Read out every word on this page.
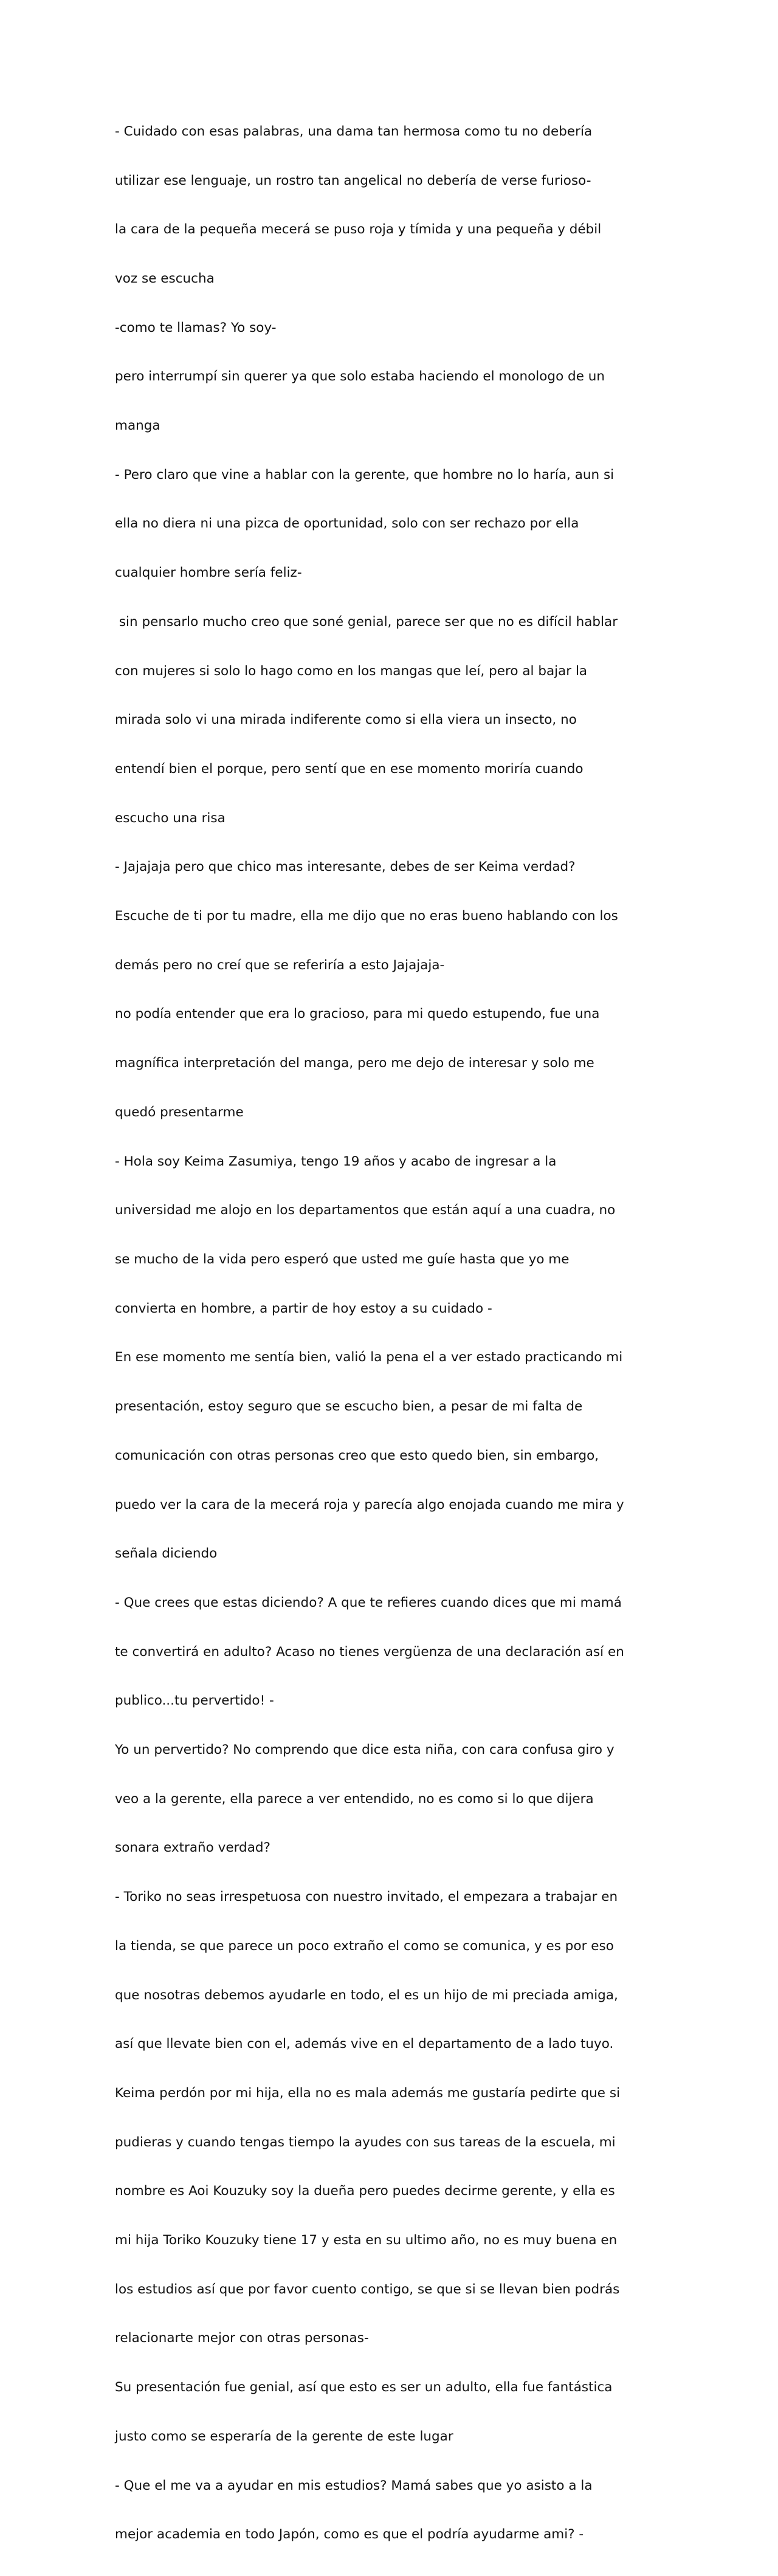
- Cuidado con esas palabras, una dama tan hermosa como tu no debería

utilizar ese lenguaje, un rostro tan angelical no debería de verse furioso-

la cara de la pequeña mecerá se puso roja y tímida y una pequeña y débil

voz se escucha

-como te llamas? Yo soy-

pero interrumpí sin querer ya que solo estaba haciendo el monologo de un

manga

- Pero claro que vine a hablar con la gerente, que hombre no lo haría, aun si

ella no diera ni una pizca de oportunidad, solo con ser rechazo por ella

cualquier hombre sería feliz-

sin pensarlo mucho creo que soné genial, parece ser que no es difícil hablar

con mujeres si solo lo hago como en los mangas que leí, pero al bajar la

mirada solo vi una mirada indiferente como si ella viera un insecto, no

entendí bien el porque, pero sentí que en ese momento moriría cuando

escucho una risa

- Jajajaja pero que chico mas interesante, debes de ser Keima verdad?

Escuche de ti por tu madre, ella me dijo que no eras bueno hablando con los

demás pero no creí que se referiría a esto Jajajaja-

no podía entender que era lo gracioso, para mi quedo estupendo, fue una

magnífica interpretación del manga, pero me dejo de interesar y solo me

quedó presentarme

- Hola soy Keima Zasumiya, tengo 19 años y acabo de ingresar a la

universidad me alojo en los departamentos que están aquí a una cuadra, no

se mucho de la vida pero esperó que usted me guíe hasta que yo me

convierta en hombre, a partir de hoy estoy a su cuidado -

En ese momento me sentía bien, valió la pena el a ver estado practicando mi

presentación, estoy seguro que se escucho bien, a pesar de mi falta de

comunicación con otras personas creo que esto quedo bien, sin embargo,

puedo ver la cara de la mecerá roja y parecía algo enojada cuando me mira y

señala diciendo

- Que crees que estas diciendo? A que te refieres cuando dices que mi mamá

te convertirá en adulto? Acaso no tienes vergüenza de una declaración así en

publico...tu pervertido! -

Yo un pervertido? No comprendo que dice esta niña, con cara confusa giro y

veo a la gerente, ella parece a ver entendido, no es como si lo que dijera

sonara extraño verdad?

- Toriko no seas irrespetuosa con nuestro invitado, el empezara a trabajar en

la tienda, se que parece un poco extraño el como se comunica, y es por eso

que nosotras debemos ayudarle en todo, el es un hijo de mi preciada amiga,

así que llevate bien con el, además vive en el departamento de a lado tuyo.

Keima perdón por mi hija, ella no es mala además me gustaría pedirte que si

pudieras y cuando tengas tiempo la ayudes con sus tareas de la escuela, mi

nombre es Aoi Kouzuky soy la dueña pero puedes decirme gerente, y ella es

mi hija Toriko Kouzuky tiene 17 y esta en su ultimo año, no es muy buena en

los estudios así que por favor cuento contigo, se que si se llevan bien podrás

relacionarte mejor con otras personas-

Su presentación fue genial, así que esto es ser un adulto, ella fue fantástica

justo como se esperaría de la gerente de este lugar

- Que el me va a ayudar en mis estudios? Mamá sabes que yo asisto a la

mejor academia en todo Japón, como es que el podría ayudarme ami? -
